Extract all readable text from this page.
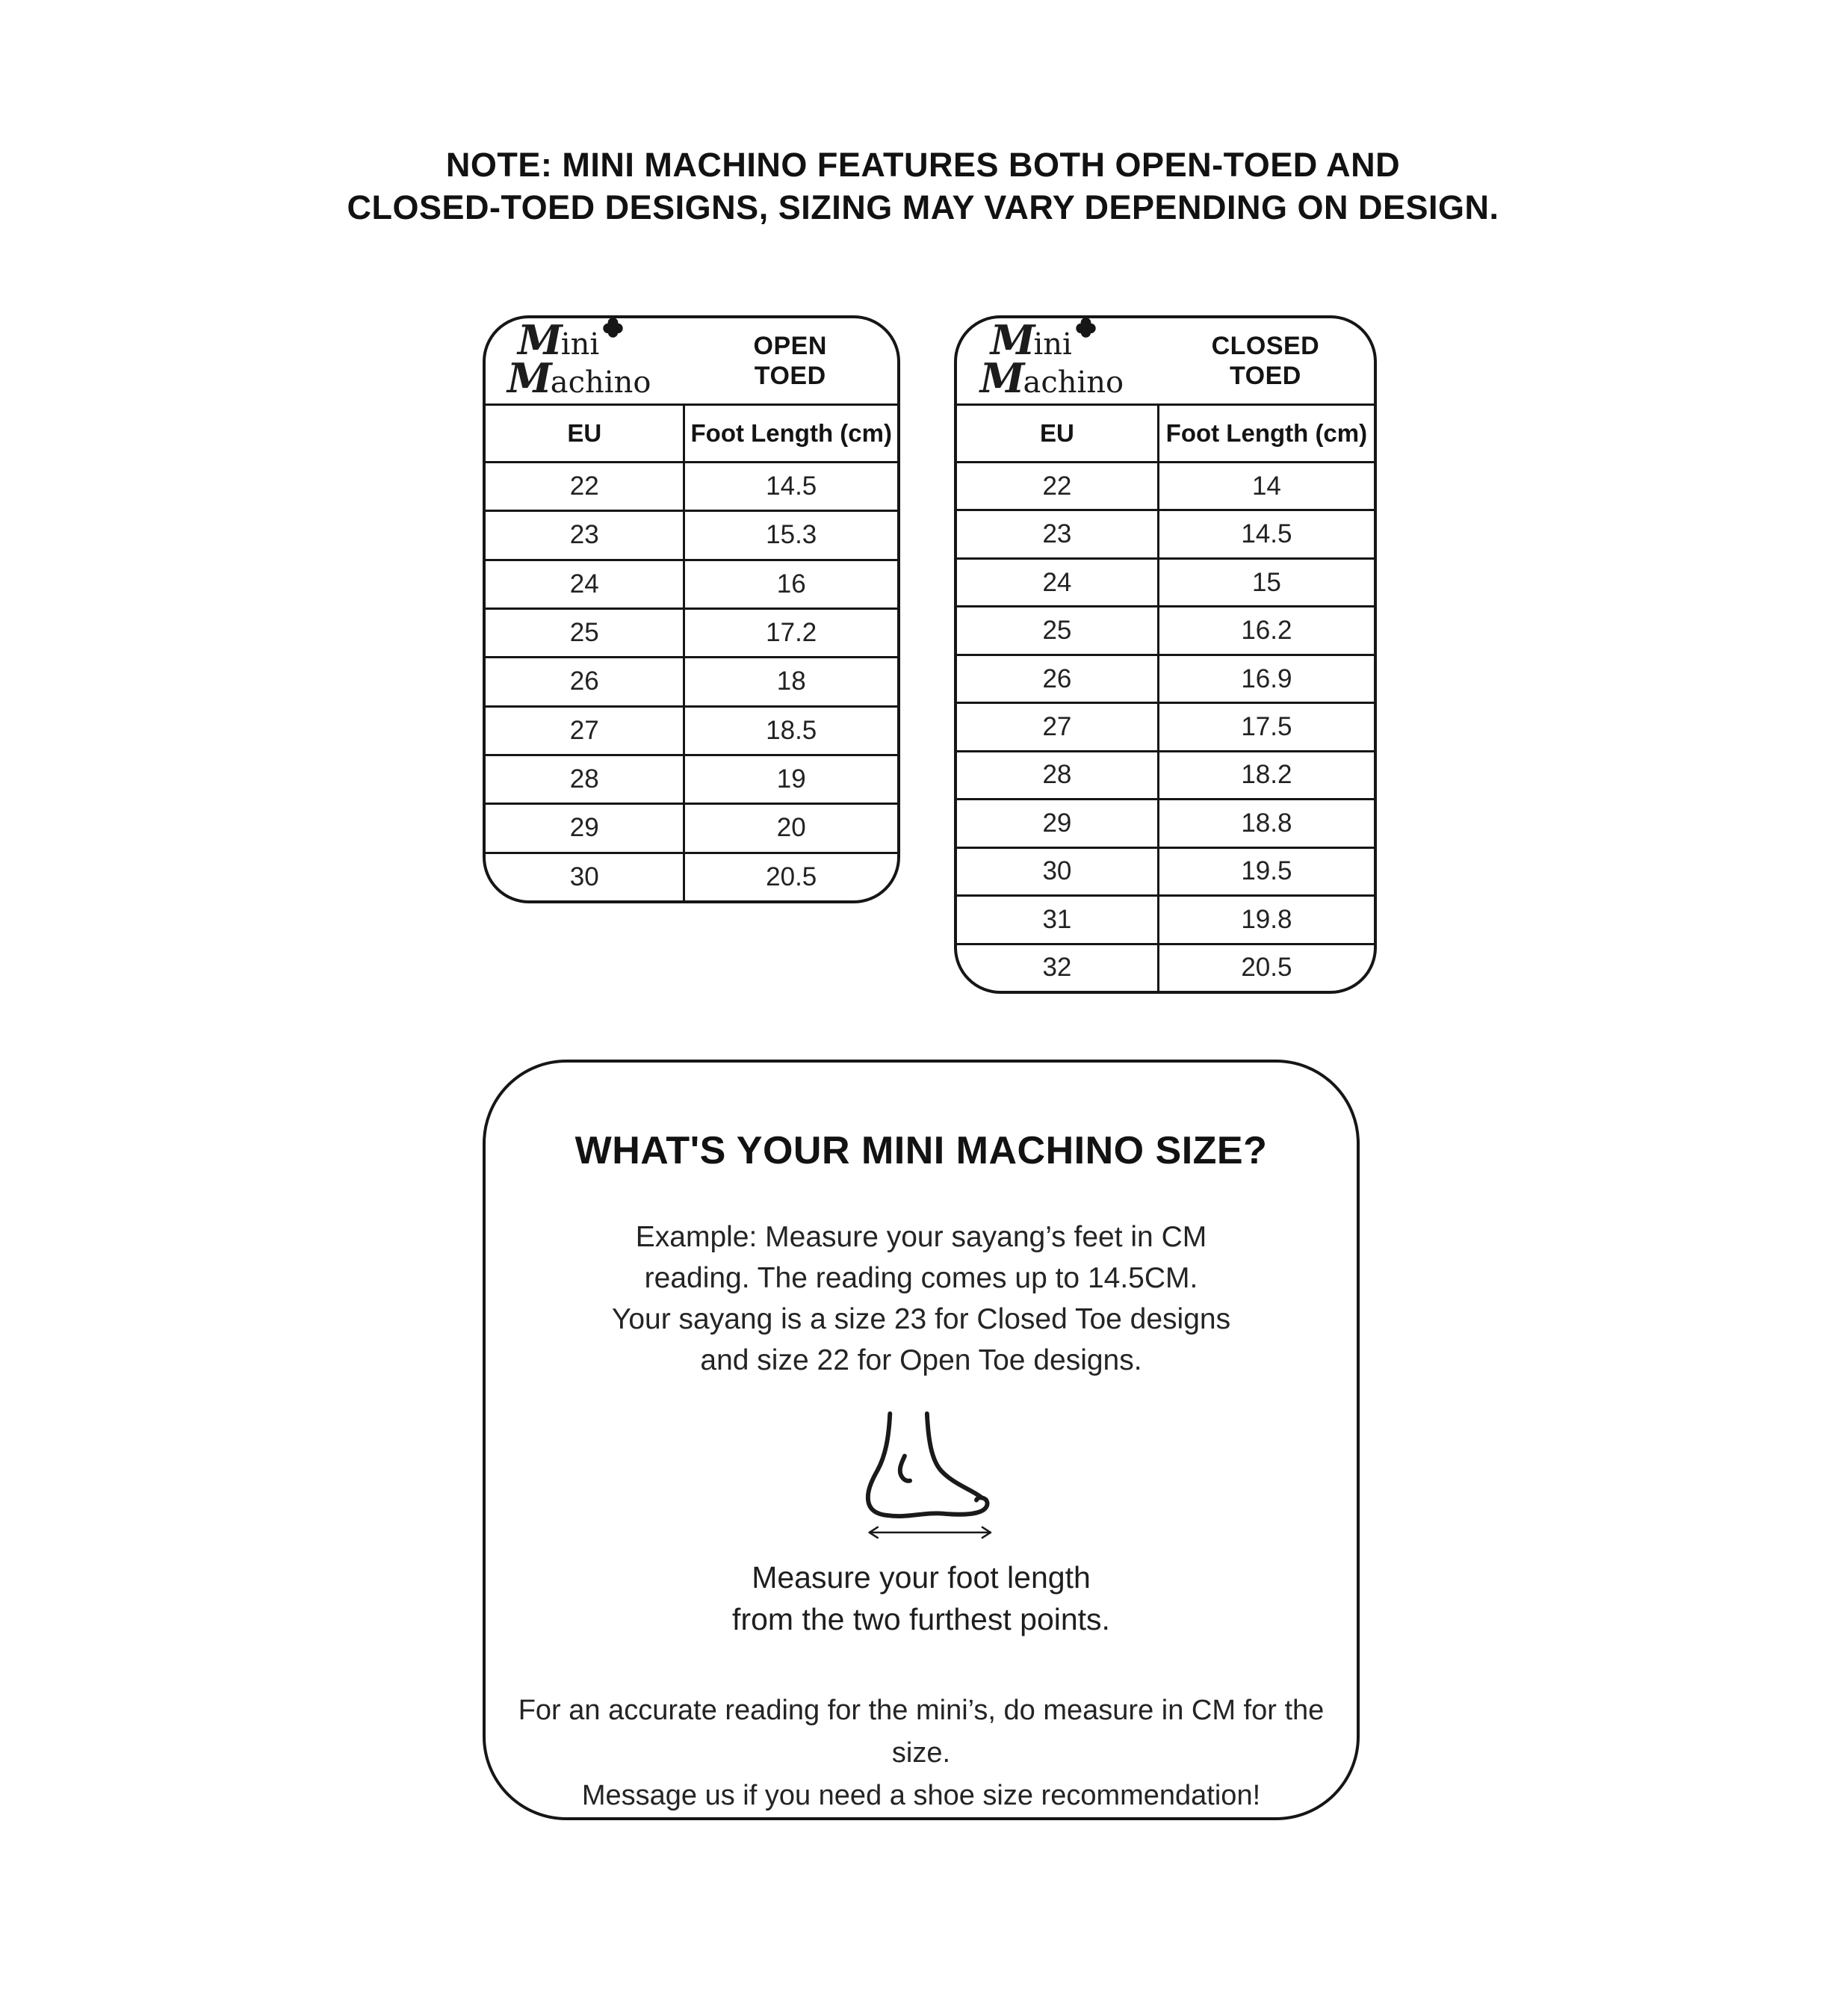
NOTE: MINI MACHINO FEATURES BOTH OPEN-TOED AND
CLOSED-TOED DESIGNS, SIZING MAY VARY DEPENDING ON DESIGN.
Mini
Machino
OPEN
TOED
EU	Foot Length (cm)
22	14.5
23	15.3
24	16
25	17.2
26	18
27	18.5
28	19
29	20
30	20.5
Mini
Machino
CLOSED
TOED
EU	Foot Length (cm)
22	14
23	14.5
24	15
25	16.2
26	16.9
27	17.5
28	18.2
29	18.8
30	19.5
31	19.8
32	20.5
WHAT'S YOUR MINI MACHINO SIZE?
Example: Measure your sayang’s feet in CM
reading. The reading comes up to 14.5CM.
Your sayang is a size 23 for Closed Toe designs
and size 22 for Open Toe designs.
Measure your foot length
from the two furthest points.
For an accurate reading for the mini’s, do measure in CM for the size.
Message us if you need a shoe size recommendation!
